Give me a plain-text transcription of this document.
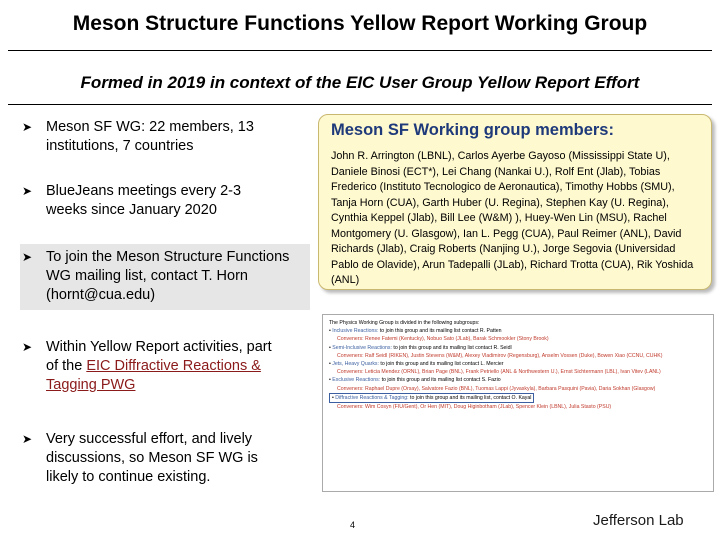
Meson Structure Functions Yellow Report Working Group
Formed in 2019 in context of the EIC User Group Yellow Report Effort
➤ Meson SF WG: 22 members, 13 institutions, 7 countries
➤ BlueJeans meetings every 2-3 weeks since January 2020
➤ To join the Meson Structure Functions WG mailing list, contact T. Horn (hornt@cua.edu)
➤ Within Yellow Report activities, part of the EIC Diffractive Reactions & Tagging PWG
➤ Very successful effort, and lively discussions, so Meson SF WG is likely to continue existing.
Meson SF Working group members:
John R. Arrington (LBNL), Carlos Ayerbe Gayoso (Mississippi State U), Daniele Binosi (ECT*), Lei Chang (Nankai U.), Rolf Ent (Jlab), Tobias Frederico (Instituto Tecnologico de Aeronautica), Timothy Hobbs (SMU), Tanja Horn (CUA), Garth Huber (U. Regina), Stephen Kay (U. Regina), Cynthia Keppel (Jlab), Bill Lee (W&M) ), Huey-Wen Lin (MSU), Rachel Montgomery (U. Glasgow), Ian L. Pegg (CUA), Paul Reimer (ANL), David Richards (Jlab), Craig Roberts (Nanjing U.), Jorge Segovia (Universidad Pablo de Olavide), Arun Tadepalli (JLab), Richard Trotta (CUA), Rik Yoshida (ANL)
The Physics Working Group is divided in the following subgroups:
• Inclusive Reactions: to join this group and its mailing list contact R. Patten
Conveners: Renee Fatemi (Kentucky), Nobuo Sato (JLab), Barak Schmookler (Stony Brook)
• Semi-Inclusive Reactions: to join this group and its mailing list contact R. Seidl
Conveners: Ralf Seidl (RIKEN), Justin Stevens (W&M), Alexey Vladimirov (Regensburg), Anselm Vossen (Duke), Bowen Xiao (CCNU, CUHK)
• Jets, Heavy Quarks: to join this group and its mailing list contact L. Mercier
Conveners: Leticia Mendez (ORNL), Brian Page (BNL), Frank Petriello (ANL & Northwestern U.), Ernst Sichtermann (LBL), Ivan Vitev (LANL)
• Exclusive Reactions: to join this group and its mailing list contact S. Fazio
Conveners: Raphael Dupre (Orsay), Salvatore Fazio (BNL), Tuomas Lappi (Jyvaskyla), Barbara Pasquini (Pavia), Daria Sokhan (Glasgow)
• Diffractive Reactions & Tagging: to join this group and its mailing list, contact O. Kayal
Conveners: Wim Cosyn (FIU/Gent), Or Hen (MIT), Doug Higinbotham (JLab), Spencer Klein (LBNL), Julia Stasto (PSU)
4	Jefferson Lab
